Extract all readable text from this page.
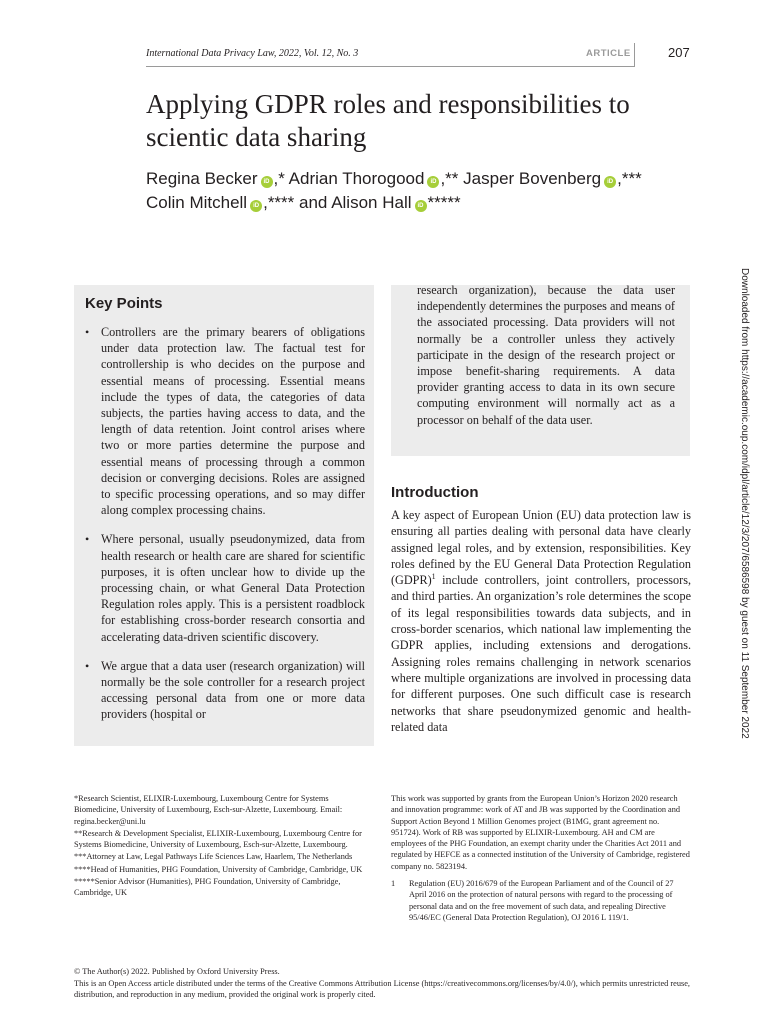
International Data Privacy Law, 2022, Vol. 12, No. 3	ARTICLE	207
Applying GDPR roles and responsibilities to scientic data sharing
Regina Becker iD ,* Adrian Thorogood iD ,** Jasper Bovenberg iD ,***
Colin Mitchell iD ,**** and Alison Hall iD *****
Key Points
• Controllers are the primary bearers of obligations under data protection law. The factual test for controllership is who decides on the purpose and essential means of processing. Essential means include the types of data, the categories of data subjects, the parties having access to data, and the length of data retention. Joint control arises where two or more parties determine the purpose and essential means of processing through a common decision or converging decisions. Roles are assigned to specific processing operations, and so may differ along complex processing chains.
• Where personal, usually pseudonymized, data from health research or health care are shared for scientific purposes, it is often unclear how to divide up the processing chain, or what General Data Protection Regulation roles apply. This is a persistent roadblock for establishing cross-border research consortia and accelerating data-driven scientific discovery.
• We argue that a data user (research organization) will normally be the sole controller for a research project accessing personal data from one or more data providers (hospital or
research organization), because the data user independently determines the purposes and means of the associated processing. Data providers will not normally be a controller unless they actively participate in the design of the research project or impose benefit-sharing requirements. A data provider granting access to data in its own secure computing environment will normally act as a processor on behalf of the data user.
Introduction

A key aspect of European Union (EU) data protection law is ensuring all parties dealing with personal data have clearly assigned legal roles, and by extension, responsibilities. Key roles defined by the EU General Data Protection Regulation (GDPR)$^1$ include controllers, joint controllers, processors, and third parties. An organization’s role determines the scope of its legal responsibilities towards data subjects, and in cross-border scenarios, which national law implementing the GDPR applies, including extensions and derogations. Assigning roles remains challenging in network scenarios where multiple organizations are involved in processing data for different purposes. One such difficult case is research networks that share pseudonymized genomic and health-related data	Downloaded from https://academic.oup.com/idpl/article/12/3/207/6586598 by guest on 11 September 2022

*Research Scientist, ELIXIR-Luxembourg, Luxembourg Centre for Systems Biomedicine, University of Luxembourg, Esch-sur-Alzette, Luxembourg. Email: regina.becker@uni.lu

**Research & Development Specialist, ELIXIR-Luxembourg, Luxembourg Centre for Systems Biomedicine, University of Luxembourg, Esch-sur-Alzette, Luxembourg.

***Attorney at Law, Legal Pathways Life Sciences Law, Haarlem, The Netherlands

****Head of Humanities, PHG Foundation, University of Cambridge, Cambridge, UK

*****Senior Advisor (Humanities), PHG Foundation, University of Cambridge, Cambridge, UK

This work was supported by grants from the European Union’s Horizon 2020 research and innovation programme: work of AT and JB was supported by the Coordination and Support Action Beyond 1 Million Genomes project (B1MG, grant agreement no. 951724). Work of RB was supported by ELIXIR-Luxembourg. AH and CM are employees of the PHG Foundation, an exempt charity under the Charities Act 2011 and regulated by HEFCE as a connected institution of the University of Cambridge, registered company no. 5823194.

1	Regulation (EU) 2016/679 of the European Parliament and of the Council of 27 April 2016 on the protection of natural persons with regard to the processing of personal data and on the free movement of such data, and repealing Directive 95/46/EC (General Data Protection Regulation), OJ 2016 L 119/1.
© The Author(s) 2022. Published by Oxford University Press.
This is an Open Access article distributed under the terms of the Creative Commons Attribution License (https://creativecommons.org/licenses/by/4.0/), which permits unrestricted reuse, distribution, and reproduction in any medium, provided the original work is properly cited.
